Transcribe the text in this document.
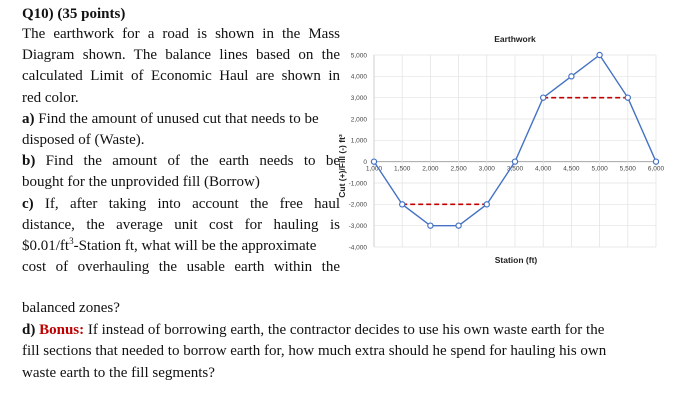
Q10) (35 points)
The earthwork for a road is shown in the Mass
Diagram shown. The balance lines based on the
calculated Limit of Economic Haul are shown in
red color.
a) Find the amount of unused cut that needs to be
disposed of (Waste).
b) Find the amount of the earth needs to be
bought for the unprovided fill (Borrow)
c) If, after taking into account the free haul
distance, the average unit cost for hauling is
$\$0.01/ft^3$-Station ft, what will be the approximate
cost of overhauling the usable earth within the
balanced zones?
d) Bonus: If instead of borrowing earth, the contractor decides to use his own waste earth for the
fill sections that needed to borrow earth for, how much extra should he spend for hauling his own
waste earth to the fill segments?
1,000 1,500 2,000 2,500 3,000 3,500 4,000 4,500 5,000 5,500 6,000
5,000
4,000
3,000
2,000
1,000
0
-1,000
-2,000
-3,000
-4,000
Earthwork
Station (ft)
Cut (+)/Fill (-) ft³
